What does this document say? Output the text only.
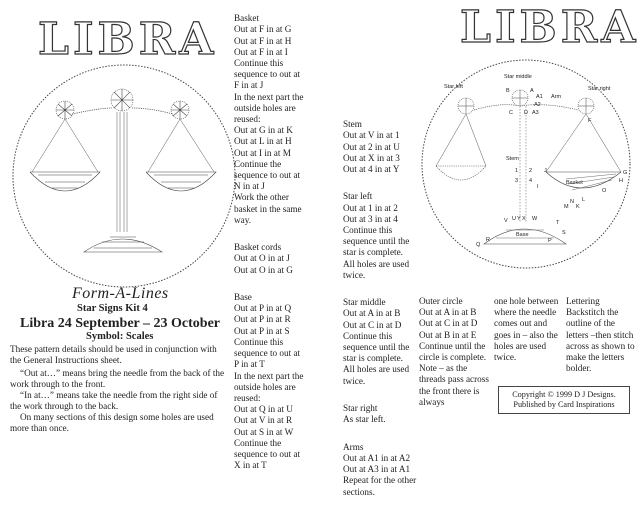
LIBRA
Form-A-Lines
Star Signs Kit 4
Libra 24 September – 23 October
Symbol: Scales
These pattern details should be used in conjunction with the General Instructions sheet.
“Out at…” means bring the needle from the back of the work through to the front.
“In at…” means take the needle from the right side of the work through to the back.
On many sections of this design some holes are used more than once.

Basket
Out at F in at G
Out at F in at H
Out at F in at I
Continue this sequence to out at F in at J
In the next part the outside holes are reused:
Out at G in at K
Out at L in at H
Out at I in at M
Continue the sequence to out at N in at J
Work the other basket in the same way.

Basket cords
Out at O in at J
Out at O in at G

Base
Out at P in at Q
Out at P in at R
Out at P in at S
Continue this sequence to out at P in at T
In the next part the outside holes are reused:
Out at Q in at U
Out at V in at R
Out at S in at W
Continue the sequence to out at X in at T

Stem
Out at V in at 1
Out at 2 in at U
Out at X in at 3
Out at 4 in at Y

Star left
Out at 1 in at 2
Out at 3 in at 4
Continue this sequence until the star is complete.
All holes are used twice.

Star middle
Out at A in at B
Out at C in at D
Continue this sequence until the star is complete.
All holes are used twice.

Star right
As star left.

Arms
Out at A1 in at A2
Out at A3 in at A1
Repeat for the other sections.

Outer circle
Out at A in at B
Out at C in at D
Out at B in at E
Continue until the circle is complete.
Note – as the threads pass across the front there is always
one hole between where the needle comes out and goes in – also the holes are used twice.
Lettering
Backstitch the outline of the letters –then stitch across as shown to make the letters bolder.
Copyright © 1999 D J Designs.
Published by Card Inspirations
LIBRA
Star left
Star middle
Star right
Arm
A1
A2
A3
B
C D
Stem
Basket
Base
J
I
F
G
H
K
L
M
N
O
P
Q
R
S
T
U
V	W
X
Y
1 2
3 4
A
